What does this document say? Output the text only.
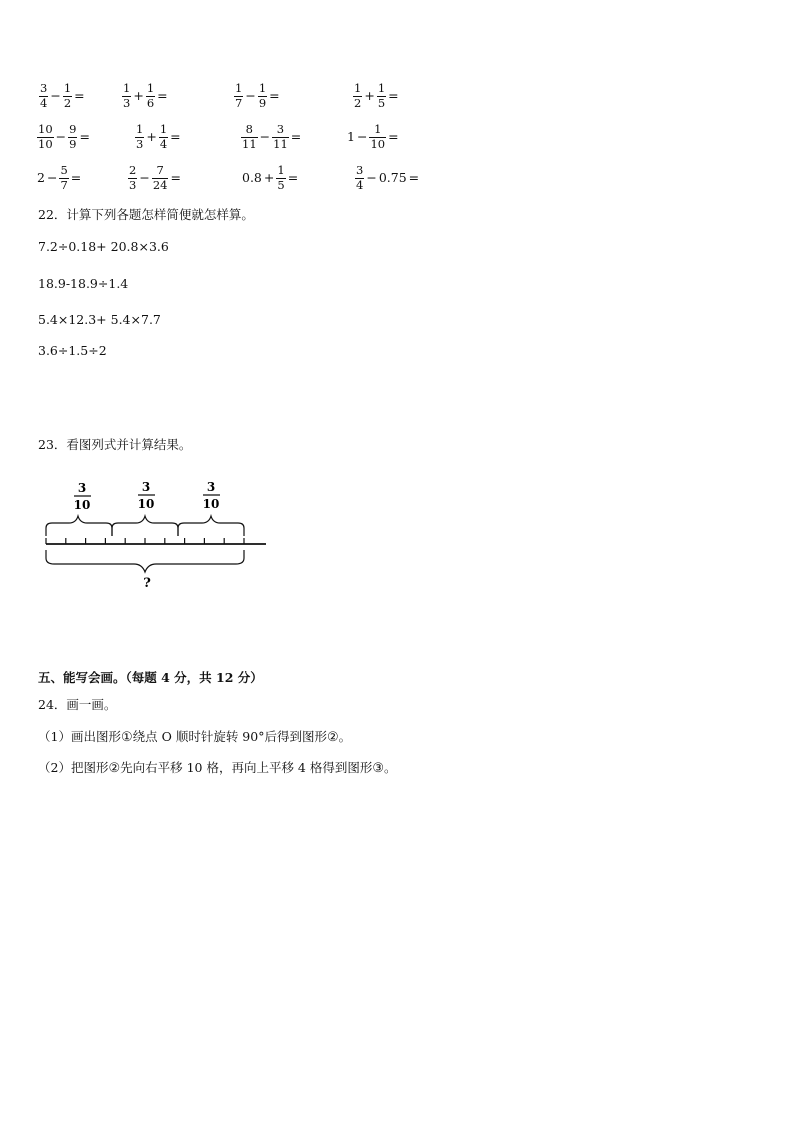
$\frac{3}{4} - \frac{1}{2}$ =	$\frac{1}{3} + \frac{1}{6}$ =	$\frac{1}{7} - \frac{1}{9}$ =	$\frac{1}{2} + \frac{1}{5}$ =
$\frac{10}{10} - \frac{9}{9}$ =	$\frac{1}{3} + \frac{1}{4}$ =	$\frac{8}{11} - \frac{3}{11}$ =	$1 - \frac{1}{10}$ =
$2 - \frac{5}{7}$ =	$\frac{2}{3} - \frac{7}{24}$ =	$0.8 + \frac{1}{5}$ =	$\frac{3}{4} - 0.75$ =
22．计算下列各题怎样简便就怎样算。
7.2÷0.18+ 20.8×3.6
18.9-18.9÷1.4
5.4×12.3+ 5.4×7.7
3.6÷1.5÷2
23．看图列式并计算结果。
3
10
3
10
3
10
?
五、能写会画。（每题 4 分，共 12 分）
24．画一画。
（1）画出图形①绕点 O 顺时针旋转 90°后得到图形②。
（2）把图形②先向右平移 10 格，再向上平移 4 格得到图形③。
